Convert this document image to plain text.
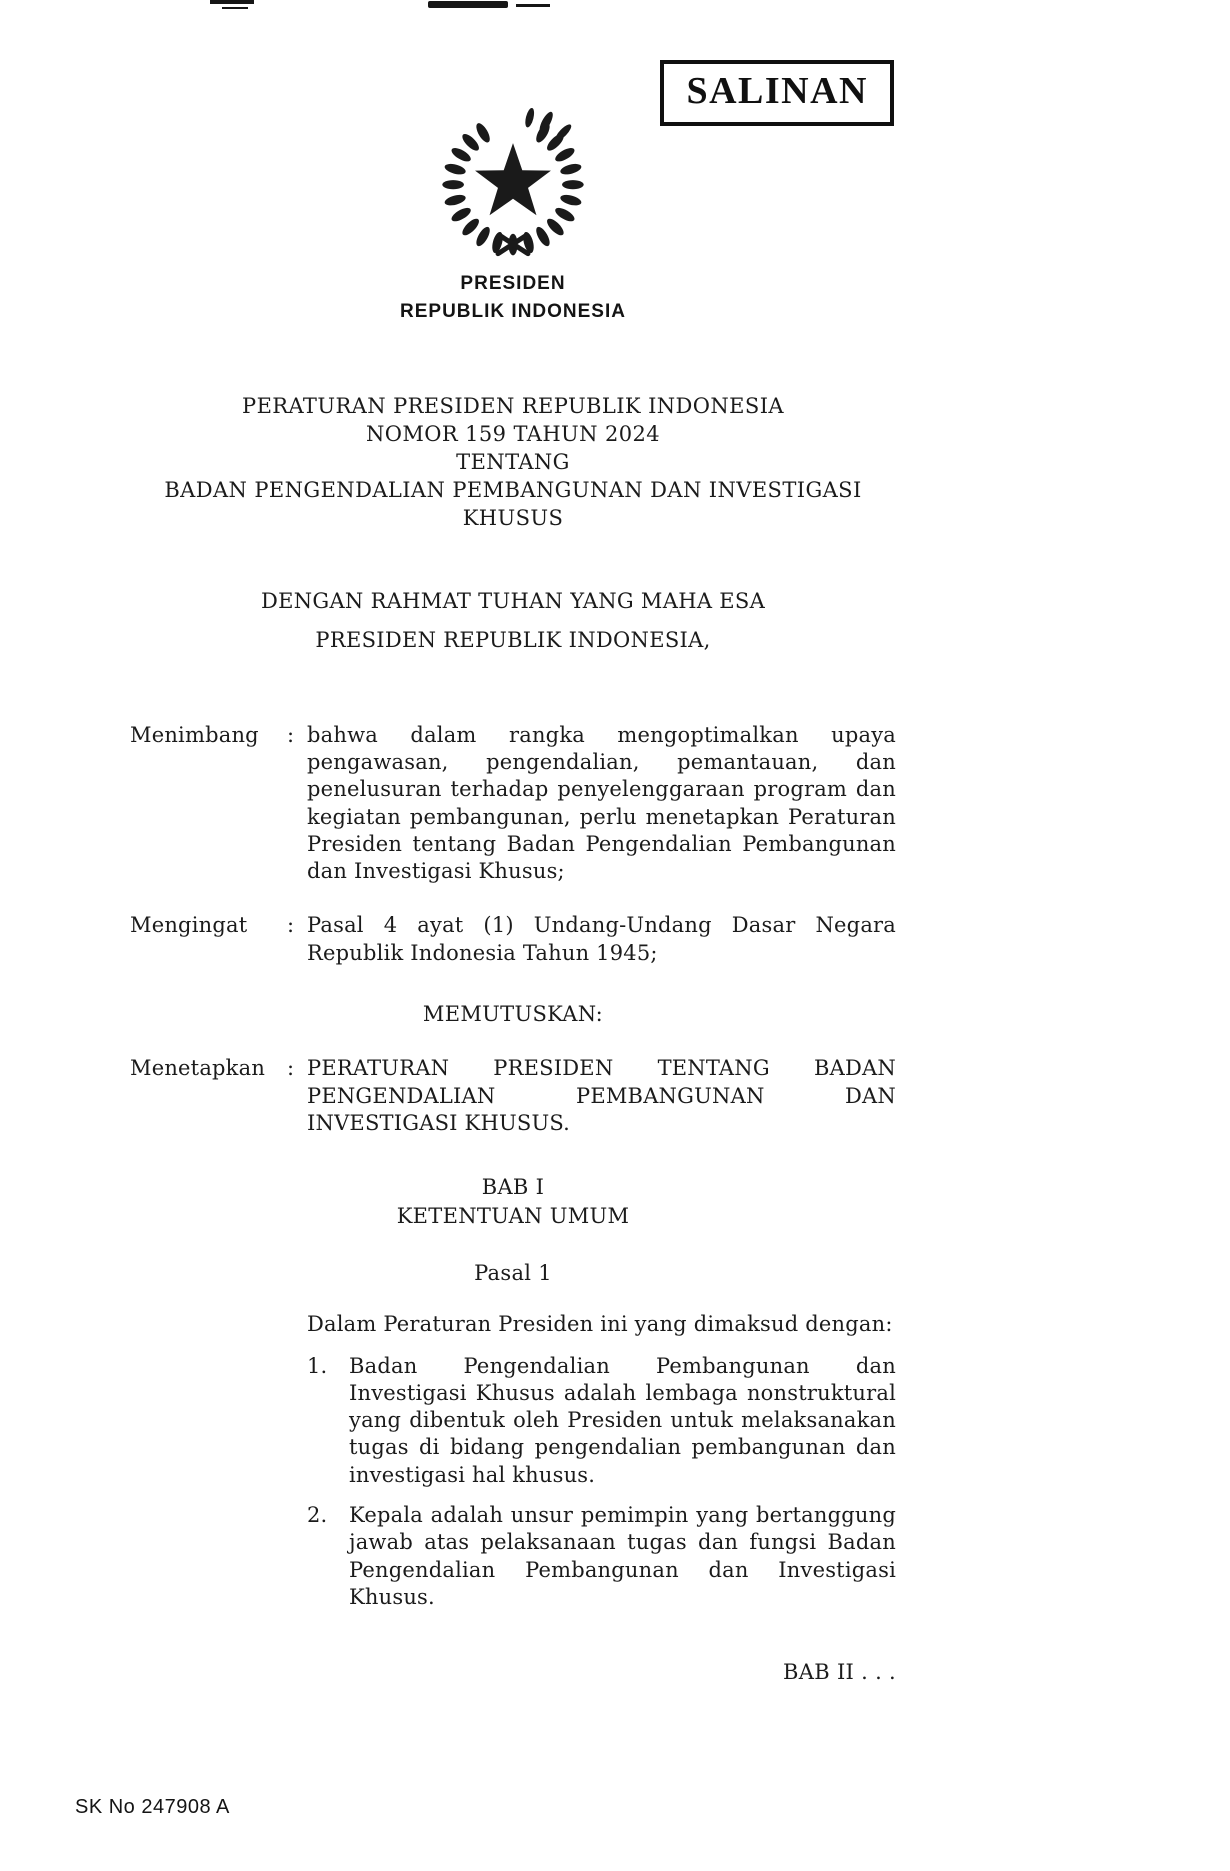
SALINAN
PRESIDEN
REPUBLIK INDONESIA
PERATURAN PRESIDEN REPUBLIK INDONESIA
NOMOR 159 TAHUN 2024
TENTANG
BADAN PENGENDALIAN PEMBANGUNAN DAN INVESTIGASI KHUSUS
DENGAN RAHMAT TUHAN YANG MAHA ESA
PRESIDEN REPUBLIK INDONESIA,
Menimbang	: bahwa dalam rangka mengoptimalkan upaya pengawasan, pengendalian, pemantauan, dan penelusuran terhadap penyelenggaraan program dan kegiatan pembangunan, perlu menetapkan Peraturan Presiden tentang Badan Pengendalian Pembangunan dan Investigasi Khusus;
Mengingat	: Pasal 4 ayat (1) Undang-Undang Dasar Negara Republik Indonesia Tahun 1945;
MEMUTUSKAN:
Menetapkan	: PERATURAN PRESIDEN TENTANG BADAN PENGENDALIAN PEMBANGUNAN DAN INVESTIGASI KHUSUS.
BAB I
KETENTUAN UMUM
Pasal 1
Dalam Peraturan Presiden ini yang dimaksud dengan:
1.	Badan Pengendalian Pembangunan dan Investigasi Khusus adalah lembaga nonstruktural yang dibentuk oleh Presiden untuk melaksanakan tugas di bidang pengendalian pembangunan dan investigasi hal khusus.
2.	Kepala adalah unsur pemimpin yang bertanggung jawab atas pelaksanaan tugas dan fungsi Badan Pengendalian Pembangunan dan Investigasi Khusus.
BAB II . . .
SK No 247908 A
